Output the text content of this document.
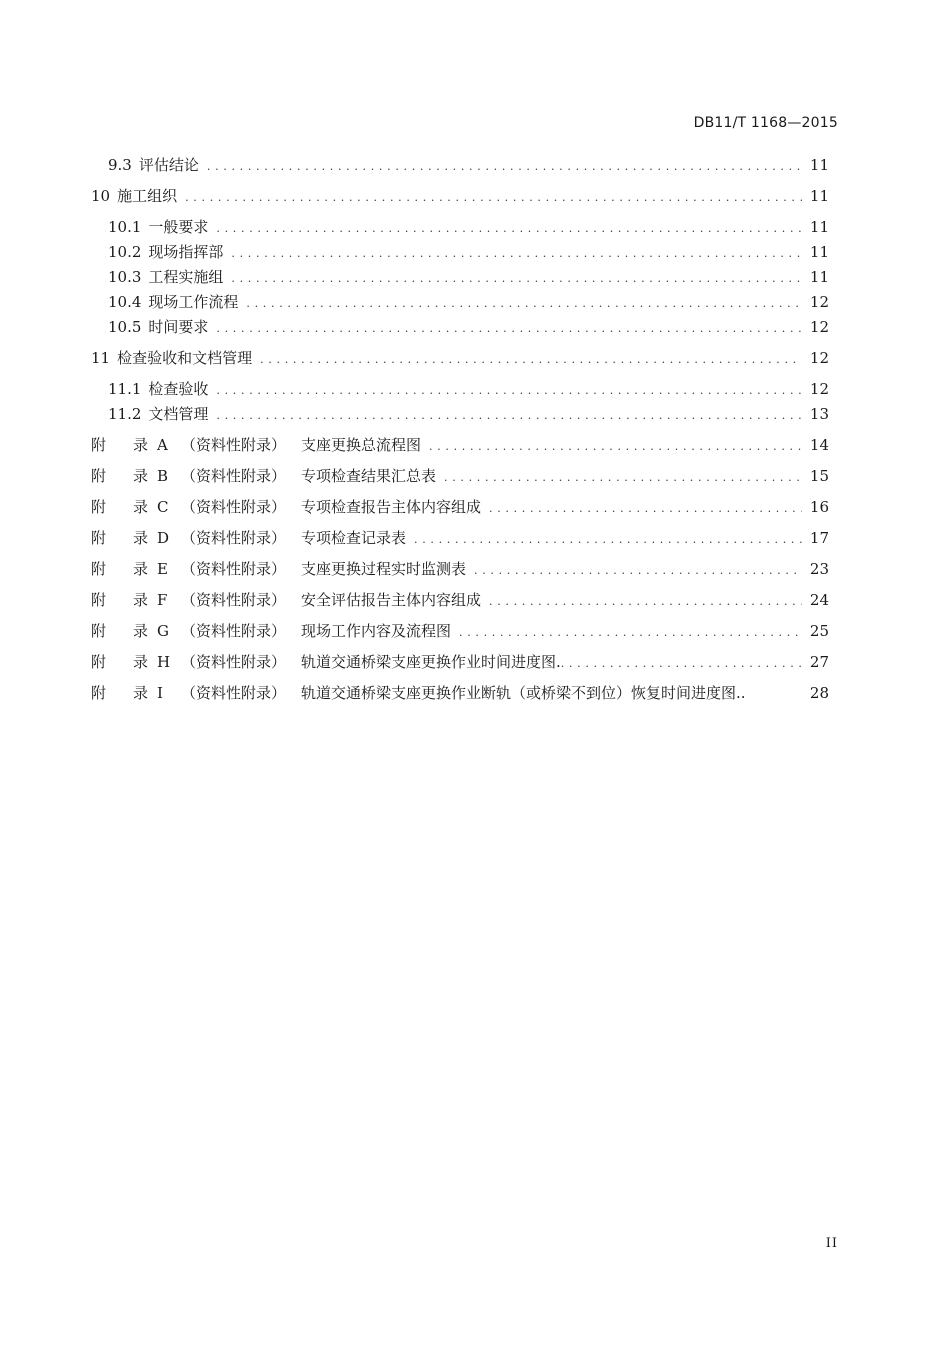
DB11/T 1168—2015
9.3 评估结论 . . .	11
10 施工组织 . . .	11
10.1 一般要求 . . .	11
10.2 现场指挥部 . . .	11
10.3 工程实施组 . . .	11
10.4 现场工作流程 . . .	12
10.5 时间要求 . . .	12
11 检查验收和文档管理 . . .	12
11.1 检查验收 . . .	12
11.2 文档管理 . . .	13
附 录 A （资料性附录） 支座更换总流程图 . . .	14
附 录 B （资料性附录） 专项检查结果汇总表 . . .	15
附 录 C （资料性附录） 专项检查报告主体内容组成 . . .	16
附 录 D （资料性附录） 专项检查记录表 . . .	17
附 录 E （资料性附录） 支座更换过程实时监测表 . . .	23
附 录 F （资料性附录） 安全评估报告主体内容组成 . . .	24
附 录 G （资料性附录） 现场工作内容及流程图 . . .	25
附 录 H （资料性附录） 轨道交通桥梁支座更换作业时间进度图. . . .	27
附 录 I （资料性附录） 轨道交通桥梁支座更换作业断轨（或桥梁不到位）恢复时间进度图..	28
II
